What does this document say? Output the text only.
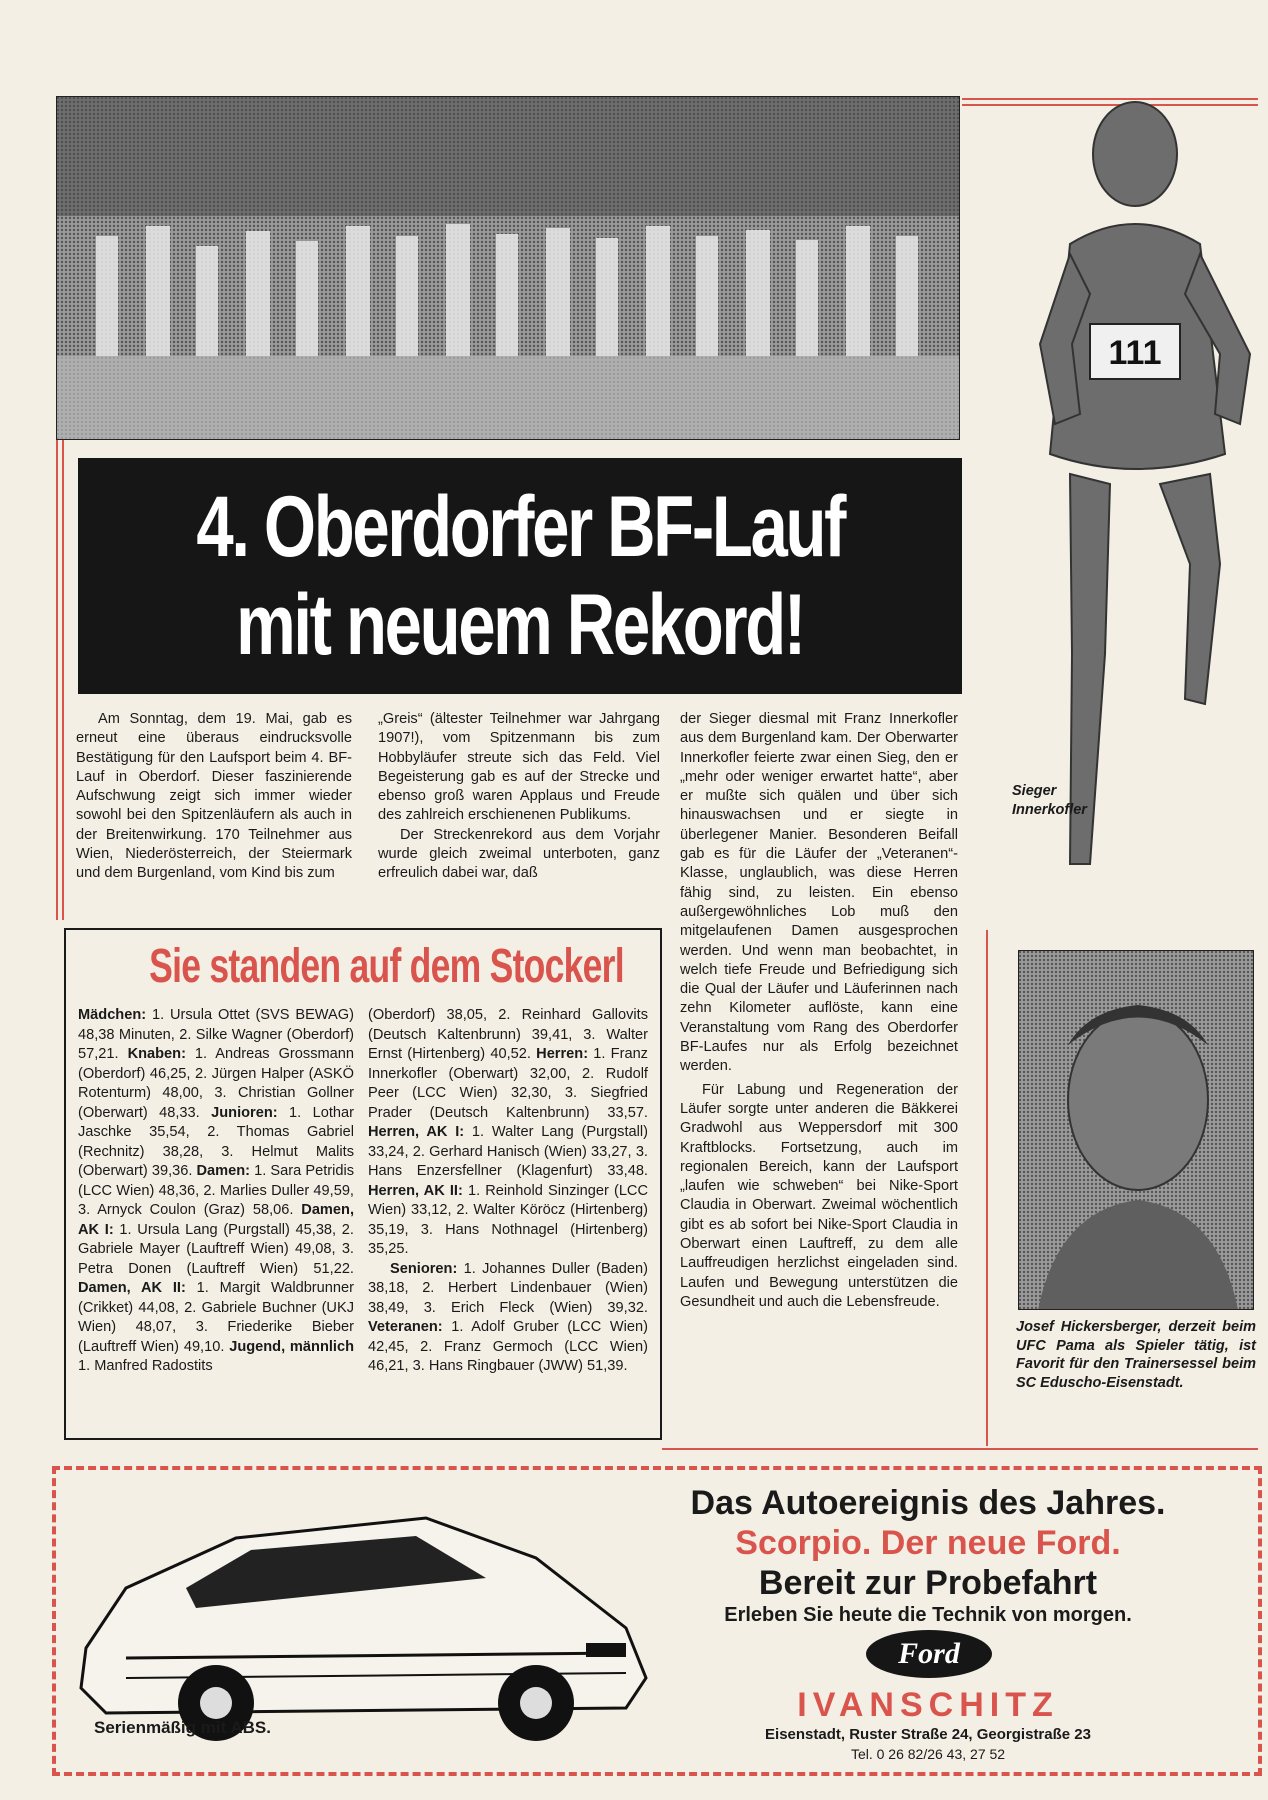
111
Sieger Innerkofler
4. Oberdorfer BF-Lauf
mit neuem Rekord!

Am Sonntag, dem 19. Mai, gab es erneut eine überaus eindrucksvolle Bestätigung für den Laufsport beim 4. BF-Lauf in Oberdorf. Dieser faszinierende Aufschwung zeigt sich immer wieder sowohl bei den Spitzenläufern als auch in der Breitenwirkung. 170 Teilnehmer aus Wien, Niederösterreich, der Steiermark und dem Burgenland, vom Kind bis zum

„Greis“ (ältester Teilnehmer war Jahrgang 1907!), vom Spitzenmann bis zum Hobbyläufer streute sich das Feld. Viel Begeisterung gab es auf der Strecke und ebenso groß waren Applaus und Freude des zahlreich erschienenen Publikums.

Der Streckenrekord aus dem Vorjahr wurde gleich zweimal unterboten, ganz erfreulich dabei war, daß

der Sieger diesmal mit Franz Innerkofler aus dem Burgenland kam. Der Oberwarter Innerkofler feierte zwar einen Sieg, den er „mehr oder weniger erwartet hatte“, aber er mußte sich quälen und über sich hinauswachsen und er siegte in überlegener Manier. Besonderen Beifall gab es für die Läufer der „Veteranen“-Klasse, unglaublich, was diese Herren fähig sind, zu leisten. Ein ebenso außergewöhnliches Lob muß den mitgelaufenen Damen ausgesprochen werden. Und wenn man beobachtet, in welch tiefe Freude und Befriedigung sich die Qual der Läufer und Läuferinnen nach zehn Kilometer auflöste, kann eine Veranstaltung vom Rang des Oberdorfer BF-Laufes nur als Erfolg bezeichnet werden.

Für Labung und Regeneration der Läufer sorgte unter anderen die Bäkkerei Gradwohl aus Weppersdorf mit 300 Kraftblocks. Fortsetzung, auch im regionalen Bereich, kann der Laufsport „laufen wie schweben“ bei Nike-Sport Claudia in Oberwart. Zweimal wöchentlich gibt es ab sofort bei Nike-Sport Claudia in Oberwart einen Lauftreff, zu dem alle Lauffreudigen herzlichst eingeladen sind. Laufen und Bewegung unterstützen die Gesundheit und auch die Lebensfreude.

Sie standen auf dem Stockerl

Mädchen: 1. Ursula Ottet (SVS BEWAG) 48,38 Minuten, 2. Silke Wagner (Oberdorf) 57,21. Knaben: 1. Andreas Grossmann (Oberdorf) 46,25, 2. Jürgen Halper (ASKÖ Rotenturm) 48,00, 3. Christian Gollner (Oberwart) 48,33. Junioren: 1. Lothar Jaschke 35,54, 2. Thomas Gabriel (Rechnitz) 38,28, 3. Helmut Malits (Oberwart) 39,36. Damen: 1. Sara Petridis (LCC Wien) 48,36, 2. Marlies Duller 49,59, 3. Arnyck Coulon (Graz) 58,06. Damen, AK I: 1. Ursula Lang (Purgstall) 45,38, 2. Gabriele Mayer (Lauftreff Wien) 49,08, 3. Petra Donen (Lauftreff Wien) 51,22. Damen, AK II: 1. Margit Waldbrunner (Crikket) 44,08, 2. Gabriele Buchner (UKJ Wien) 48,07, 3. Friederike Bieber (Lauftreff Wien) 49,10. Jugend, männlich 1. Manfred Radostits

(Oberdorf) 38,05, 2. Reinhard Gallovits (Deutsch Kaltenbrunn) 39,41, 3. Walter Ernst (Hirtenberg) 40,52. Herren: 1. Franz Innerkofler (Oberwart) 32,00, 2. Rudolf Peer (LCC Wien) 32,30, 3. Siegfried Prader (Deutsch Kaltenbrunn) 33,57. Herren, AK I: 1. Walter Lang (Purgstall) 33,24, 2. Gerhard Hanisch (Wien) 33,27, 3. Hans Enzersfellner (Klagenfurt) 33,48. Herren, AK II: 1. Reinhold Sinzinger (LCC Wien) 33,12, 2. Walter Köröcz (Hirtenberg) 35,19, 3. Hans Nothnagel (Hirtenberg) 35,25.

Senioren: 1. Johannes Duller (Baden) 38,18, 2. Herbert Lindenbauer (Wien) 38,49, 3. Erich Fleck (Wien) 39,32. Veteranen: 1. Adolf Gruber (LCC Wien) 42,45, 2. Franz Germoch (LCC Wien) 46,21, 3. Hans Ringbauer (JWW) 51,39.

Josef Hickersberger, derzeit beim UFC Pama als Spieler tätig, ist Favorit für den Trainersessel beim SC Eduscho-Eisenstadt.
Serienmäßig mit ABS.
Das Autoereignis des Jahres.
Scorpio. Der neue Ford.
Bereit zur Probefahrt
Erleben Sie heute die Technik von morgen.
Ford
IVANSCHITZ
Eisenstadt, Ruster Straße 24, Georgistraße 23
Tel. 0 26 82/26 43, 27 52
